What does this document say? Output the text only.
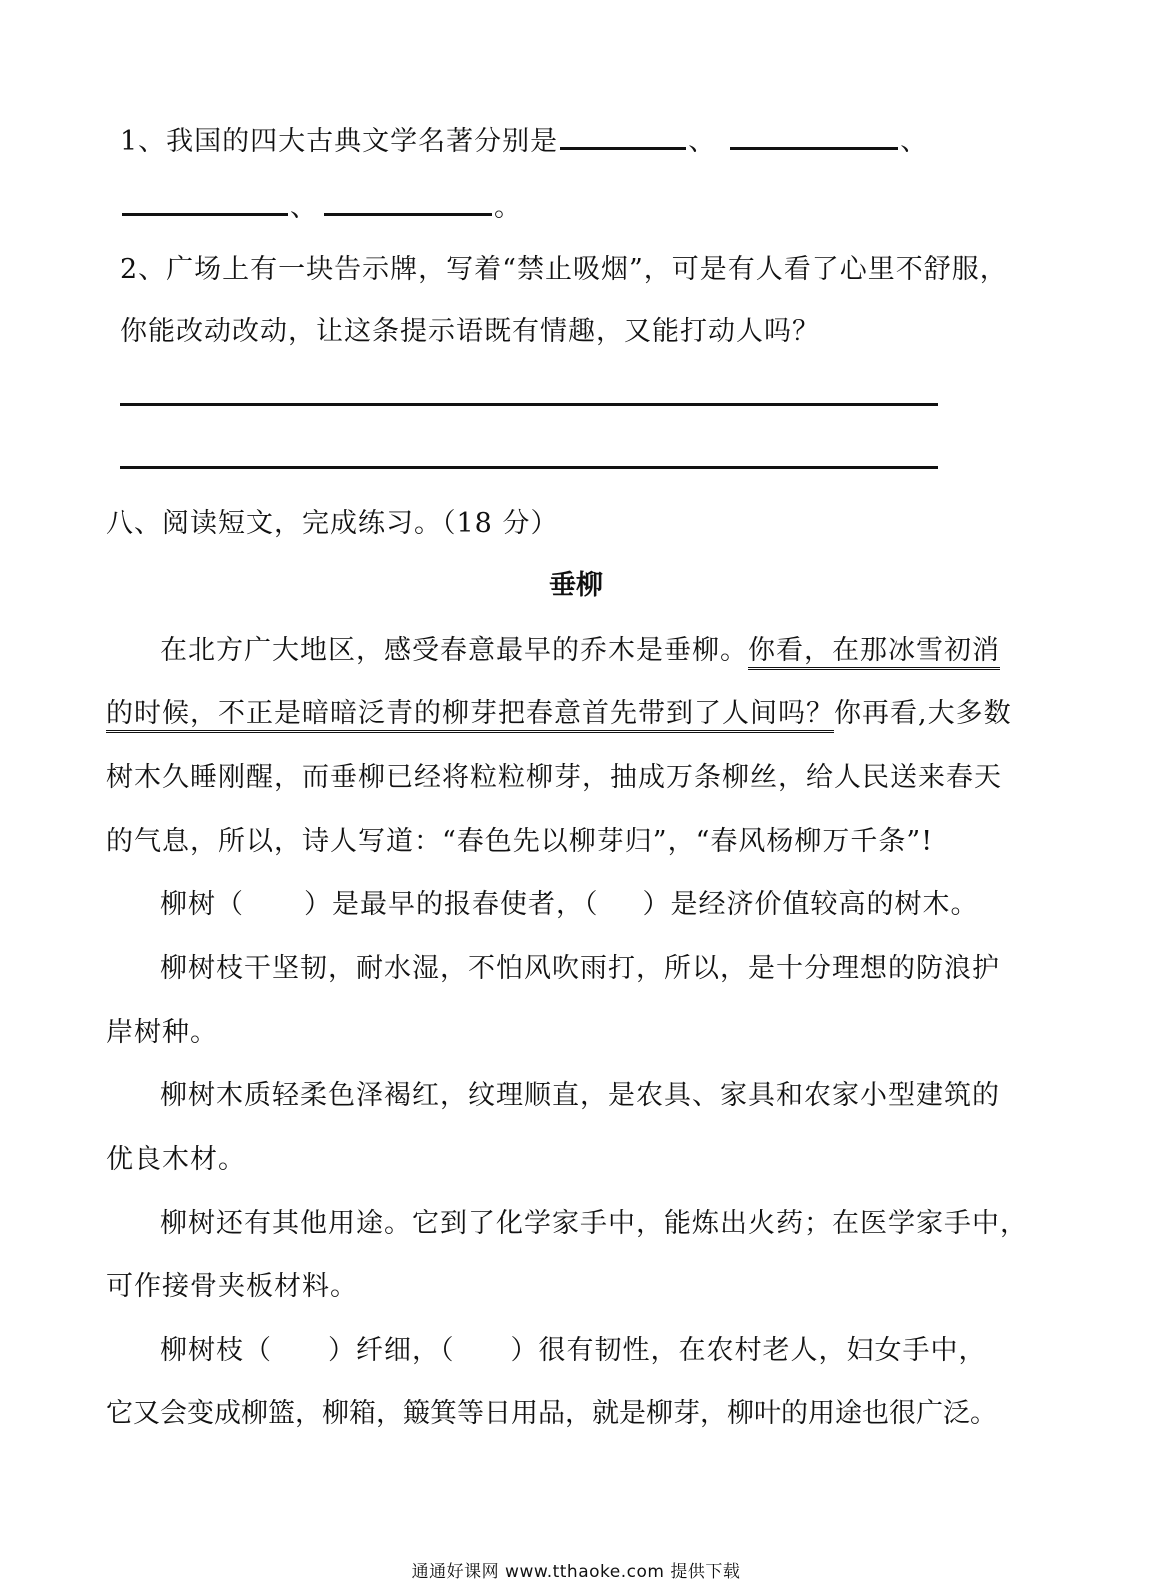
1、我国的四大古典文学名著分别是	、	、
、	。
2、广场上有一块告示牌，写着“禁止吸烟”，可是有人看了心里不舒服，
你能改动改动，让这条提示语既有情趣，又能打动人吗？
八、阅读短文，完成练习。（18 分）
垂柳
在北方广大地区，感受春意最早的乔木是垂柳。你看，在那冰雪初消
的时候，不正是暗暗泛青的柳芽把春意首先带到了人间吗？你再看,大多数
树木久睡刚醒，而垂柳已经将粒粒柳芽，抽成万条柳丝，给人民送来春天
的气息，所以，诗人写道：“春色先以柳芽归”，“春风杨柳万千条”!
柳树（ ）是最早的报春使者，（ ）是经济价值较高的树木。
柳树枝干坚韧，耐水湿，不怕风吹雨打，所以，是十分理想的防浪护
岸树种。
柳树木质轻柔色泽褐红，纹理顺直，是农具、家具和农家小型建筑的
优良木材。
柳树还有其他用途。它到了化学家手中，能炼出火药；在医学家手中，
可作接骨夹板材料。
柳树枝（ ）纤细，（ ）很有韧性，在农村老人，妇女手中，
它又会变成柳篮，柳箱，簸箕等日用品，就是柳芽，柳叶的用途也很广泛。
通通好课网 www.tthaoke.com 提供下载
